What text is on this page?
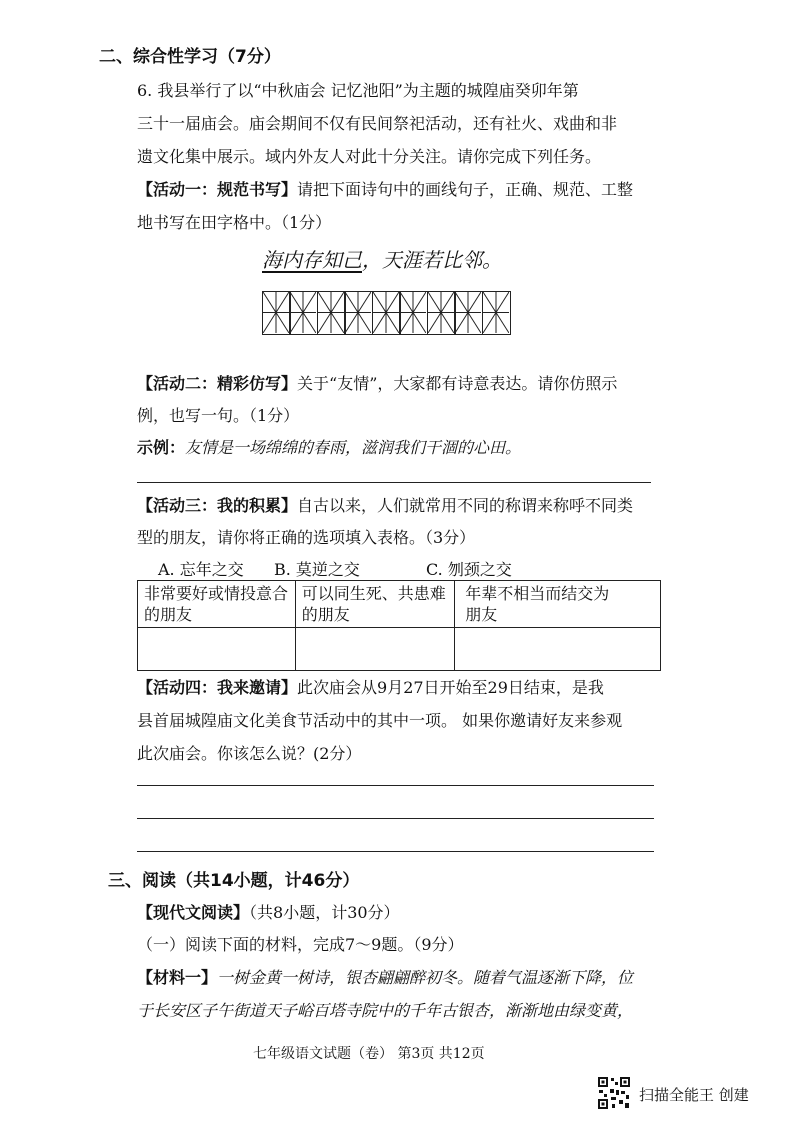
二、综合性学习（7分）
6. 我县举行了以“中秋庙会 记忆池阳”为主题的城隍庙癸卯年第
三十一届庙会。庙会期间不仅有民间祭祀活动，还有社火、戏曲和非
遗文化集中展示。域内外友人对此十分关注。请你完成下列任务。
【活动一：规范书写】请把下面诗句中的画线句子，正确、规范、工整
地书写在田字格中。（1分）
海内存知己，天涯若比邻。
【活动二：精彩仿写】关于“友情”，大家都有诗意表达。请你仿照示
例，也写一句。（1分）
示例：友情是一场绵绵的春雨，滋润我们干涸的心田。
【活动三：我的积累】自古以来，人们就常用不同的称谓来称呼不同类
型的朋友，请你将正确的选项填入表格。（3分）
A. 忘年之交 B. 莫逆之交	C. 刎颈之交
非常要好或情投意合的朋友	可以同生死、共患难的朋友	年辈不相当而结交为朋友

【活动四：我来邀请】此次庙会从9月27日开始至29日结束，是我
县首届城隍庙文化美食节活动中的其中一项。 如果你邀请好友来参观
此次庙会。你该怎么说？(2分）
三、阅读（共14小题，计46分）
【现代文阅读】（共8小题，计30分）
（一）阅读下面的材料，完成7～9题。（9分）
【材料一】一树金黄一树诗，银杏翩翩醉初冬。随着气温逐渐下降，位
于长安区子午街道天子峪百塔寺院中的千年古银杏，渐渐地由绿变黄，
七年级语文试题（卷） 第3页 共12页
扫描全能王 创建
